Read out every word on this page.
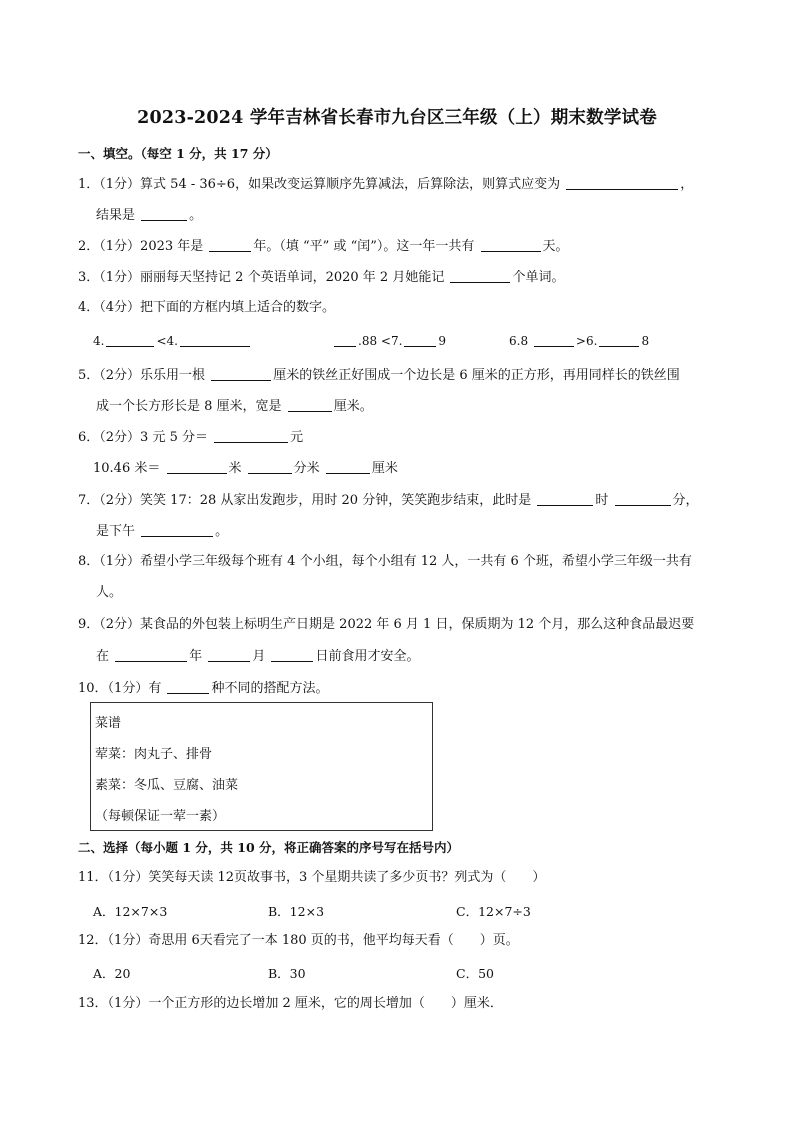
2023-2024 学年吉林省长春市九台区三年级（上）期末数学试卷
一、填空。（每空 1 分，共 17 分）
1．（1分）算式 54 - 36÷6，如果改变运算顺序先算减法，后算除法，则算式应变为	，
结果是	。
2．（1分）2023 年是	年。（填 “平” 或 “闰”）。这一年一共有	天。
3．（1分）丽丽每天坚持记 2 个英语单词，2020 年 2 月她能记	个单词。
4．（4分）把下面的方框内填上适合的数字。
4.	<4.	.88 <7.	9	6.8	>6.	8
5．（2分）乐乐用一根	厘米的铁丝正好围成一个边长是 6 厘米的正方形，再用同样长的铁丝围
成一个长方形长是 8 厘米，宽是	厘米。
6．（2分）3 元 5 分＝	元
10.46 米＝	米	分米	厘米
7．（2分）笑笑 17：28 从家出发跑步，用时 20 分钟，笑笑跑步结束，此时是	时	分，
是下午	。
8．（1分）希望小学三年级每个班有 4 个小组，每个小组有 12 人，一共有 6 个班，希望小学三年级一共有
人。
9．（2分）某食品的外包装上标明生产日期是 2022 年 6 月 1 日，保质期为 12 个月，那么这种食品最迟要
在	年	月	日前食用才安全。
10．（1分）有	种不同的搭配方法。
菜谱
荤菜：肉丸子、排骨
素菜：冬瓜、豆腐、油菜
（每顿保证一荤一素）
二、选择（每小题 1 分，共 10 分，将正确答案的序号写在括号内）
11．（1分）笑笑每天读 12页故事书，3 个星期共读了多少页书？列式为（　　）
A．12×7×3	B．12×3	C．12×7÷3
12．（1分）奇思用 6天看完了一本 180 页的书，他平均每天看（　　）页。
A．20	B．30	C．50
13．（1分）一个正方形的边长增加 2 厘米，它的周长增加（　　）厘米．
